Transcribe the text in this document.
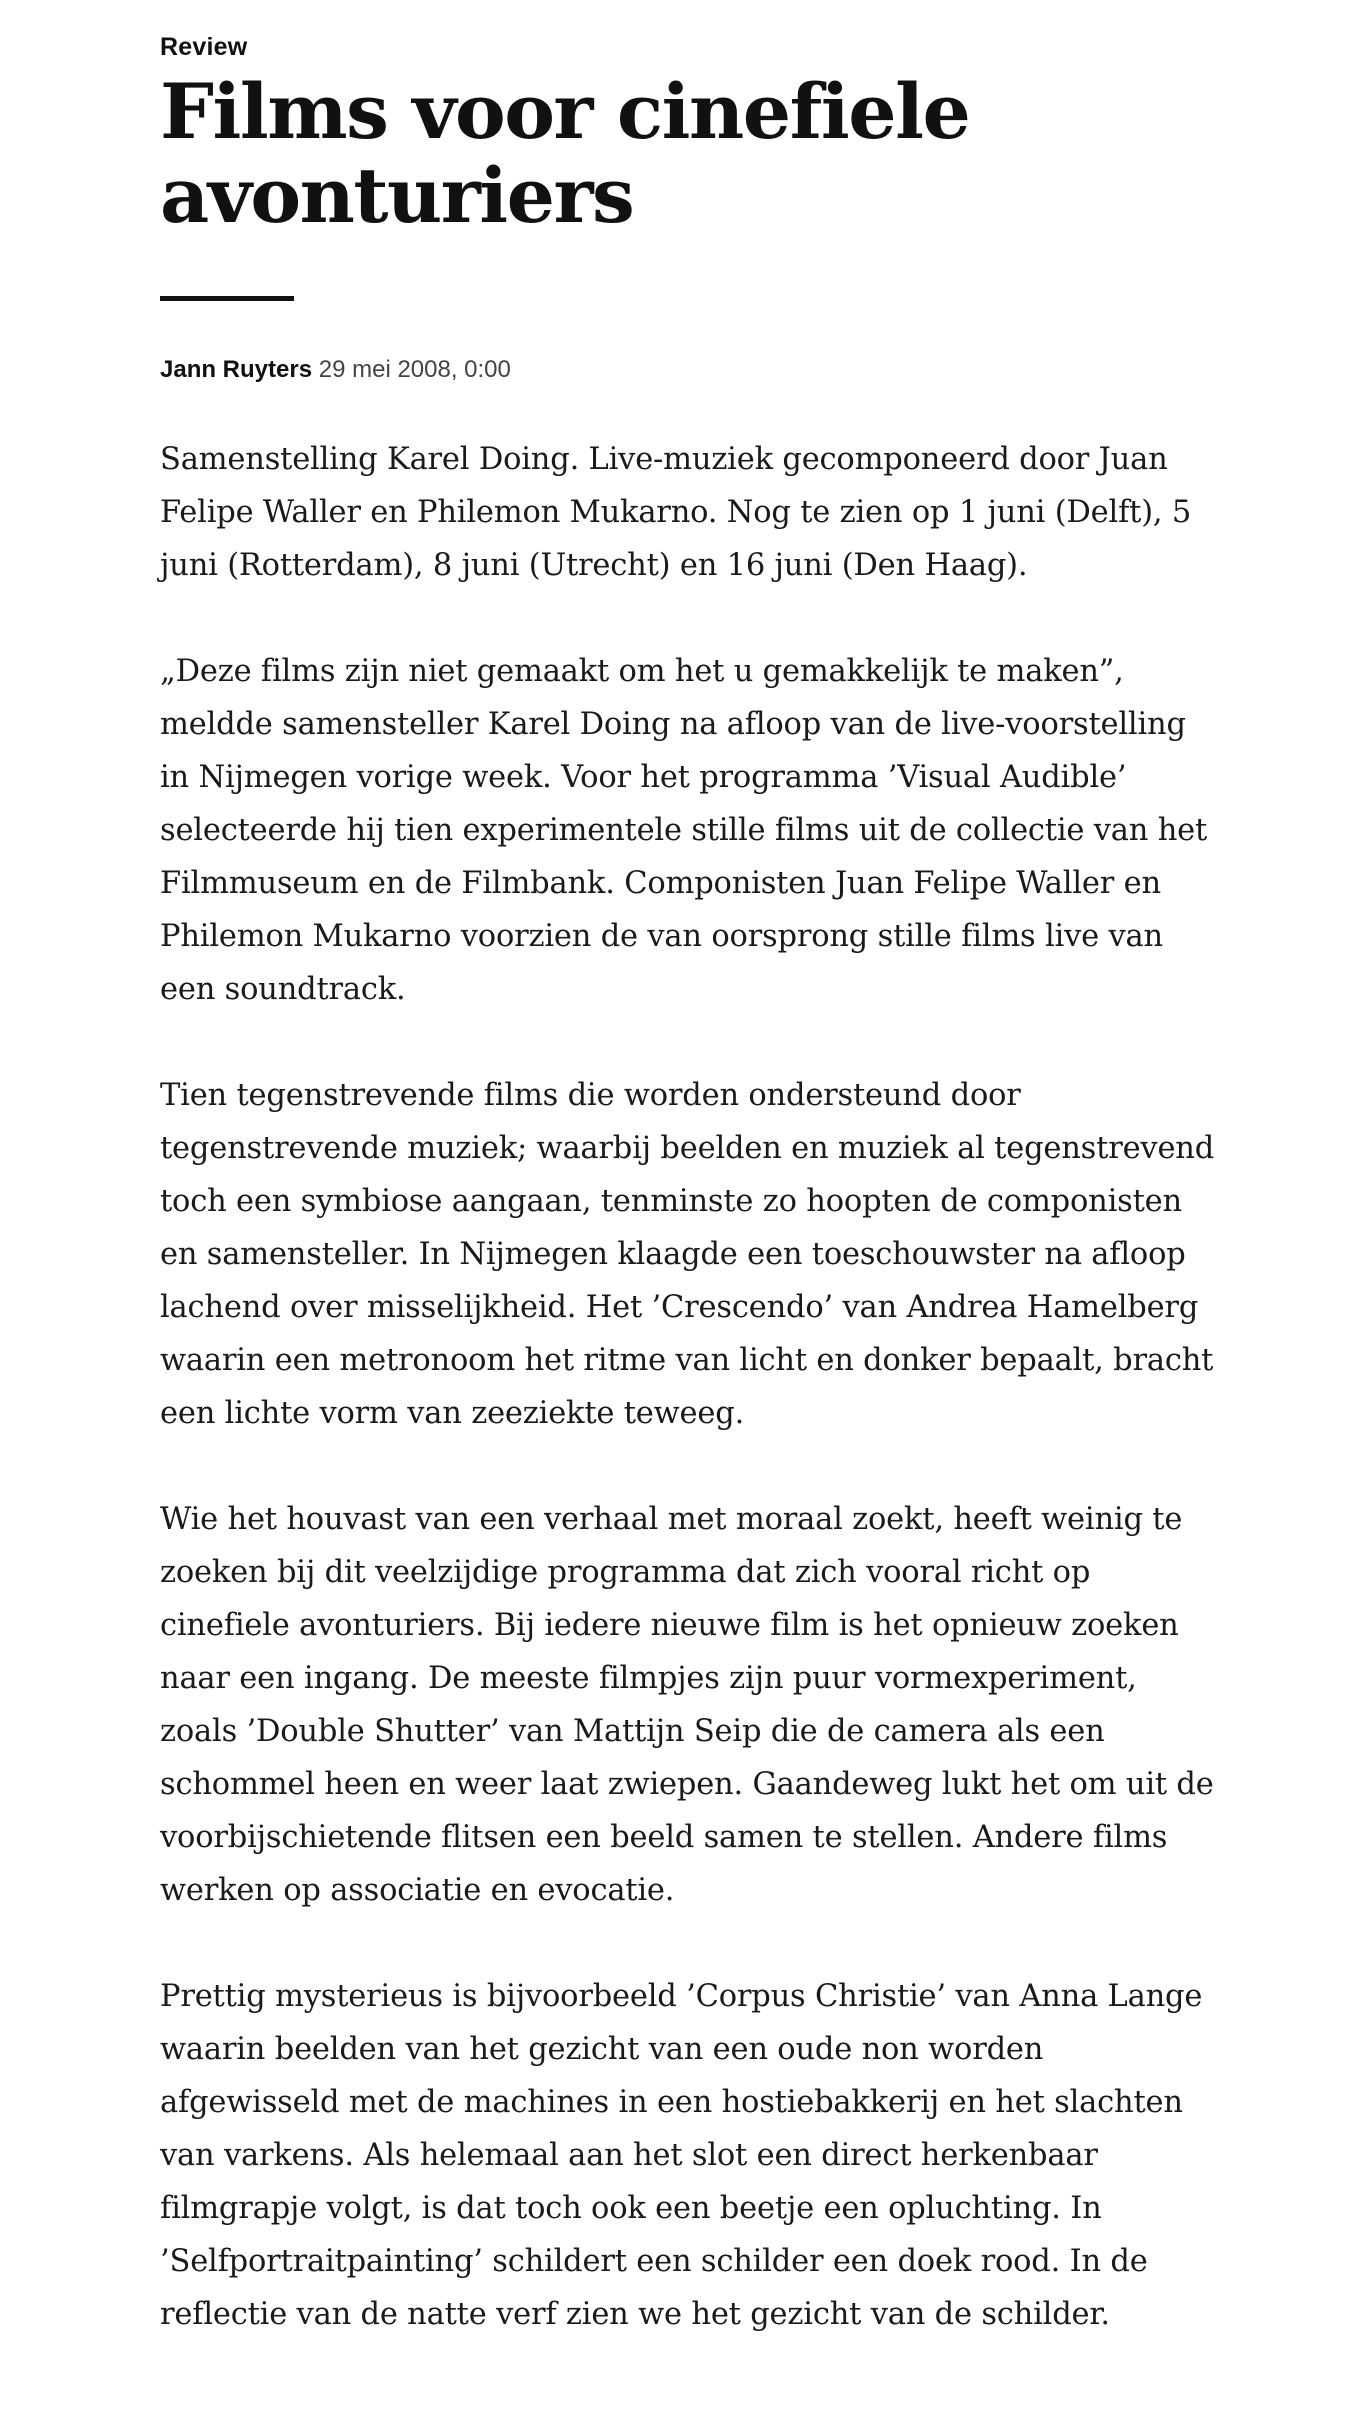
Review
Films voor cinefiele avonturiers
Jann Ruyters 29 mei 2008, 0:00

Samenstelling Karel Doing. Live-muziek gecomponeerd door Juan Felipe Waller en Philemon Mukarno. Nog te zien op 1 juni (Delft), 5 juni (Rotterdam), 8 juni (Utrecht) en 16 juni (Den Haag).

„Deze films zijn niet gemaakt om het u gemakkelijk te maken”, meldde samensteller Karel Doing na afloop van de live-voorstelling in Nijmegen vorige week. Voor het programma ’Visual Audible’ selecteerde hij tien experimentele stille films uit de collectie van het Filmmuseum en de Filmbank. Componisten Juan Felipe Waller en Philemon Mukarno voorzien de van oorsprong stille films live van een soundtrack.

Tien tegenstrevende films die worden ondersteund door tegenstrevende muziek; waarbij beelden en muziek al tegenstrevend toch een symbiose aangaan, tenminste zo hoopten de componisten en samensteller. In Nijmegen klaagde een toeschouwster na afloop lachend over misselijkheid. Het ’Crescendo’ van Andrea Hamelberg waarin een metronoom het ritme van licht en donker bepaalt, bracht een lichte vorm van zeeziekte teweeg.

Wie het houvast van een verhaal met moraal zoekt, heeft weinig te zoeken bij dit veelzijdige programma dat zich vooral richt op cinefiele avonturiers. Bij iedere nieuwe film is het opnieuw zoeken naar een ingang. De meeste filmpjes zijn puur vormexperiment, zoals ’Double Shutter’ van Mattijn Seip die de camera als een schommel heen en weer laat zwiepen. Gaandeweg lukt het om uit de voorbijschietende flitsen een beeld samen te stellen. Andere films werken op associatie en evocatie.

Prettig mysterieus is bijvoorbeeld ’Corpus Christie’ van Anna Lange waarin beelden van het gezicht van een oude non worden afgewisseld met de machines in een hostiebakkerij en het slachten van varkens. Als helemaal aan het slot een direct herkenbaar filmgrapje volgt, is dat toch ook een beetje een opluchting. In ’Selfportraitpainting’ schildert een schilder een doek rood. In de reflectie van de natte verf zien we het gezicht van de schilder.
